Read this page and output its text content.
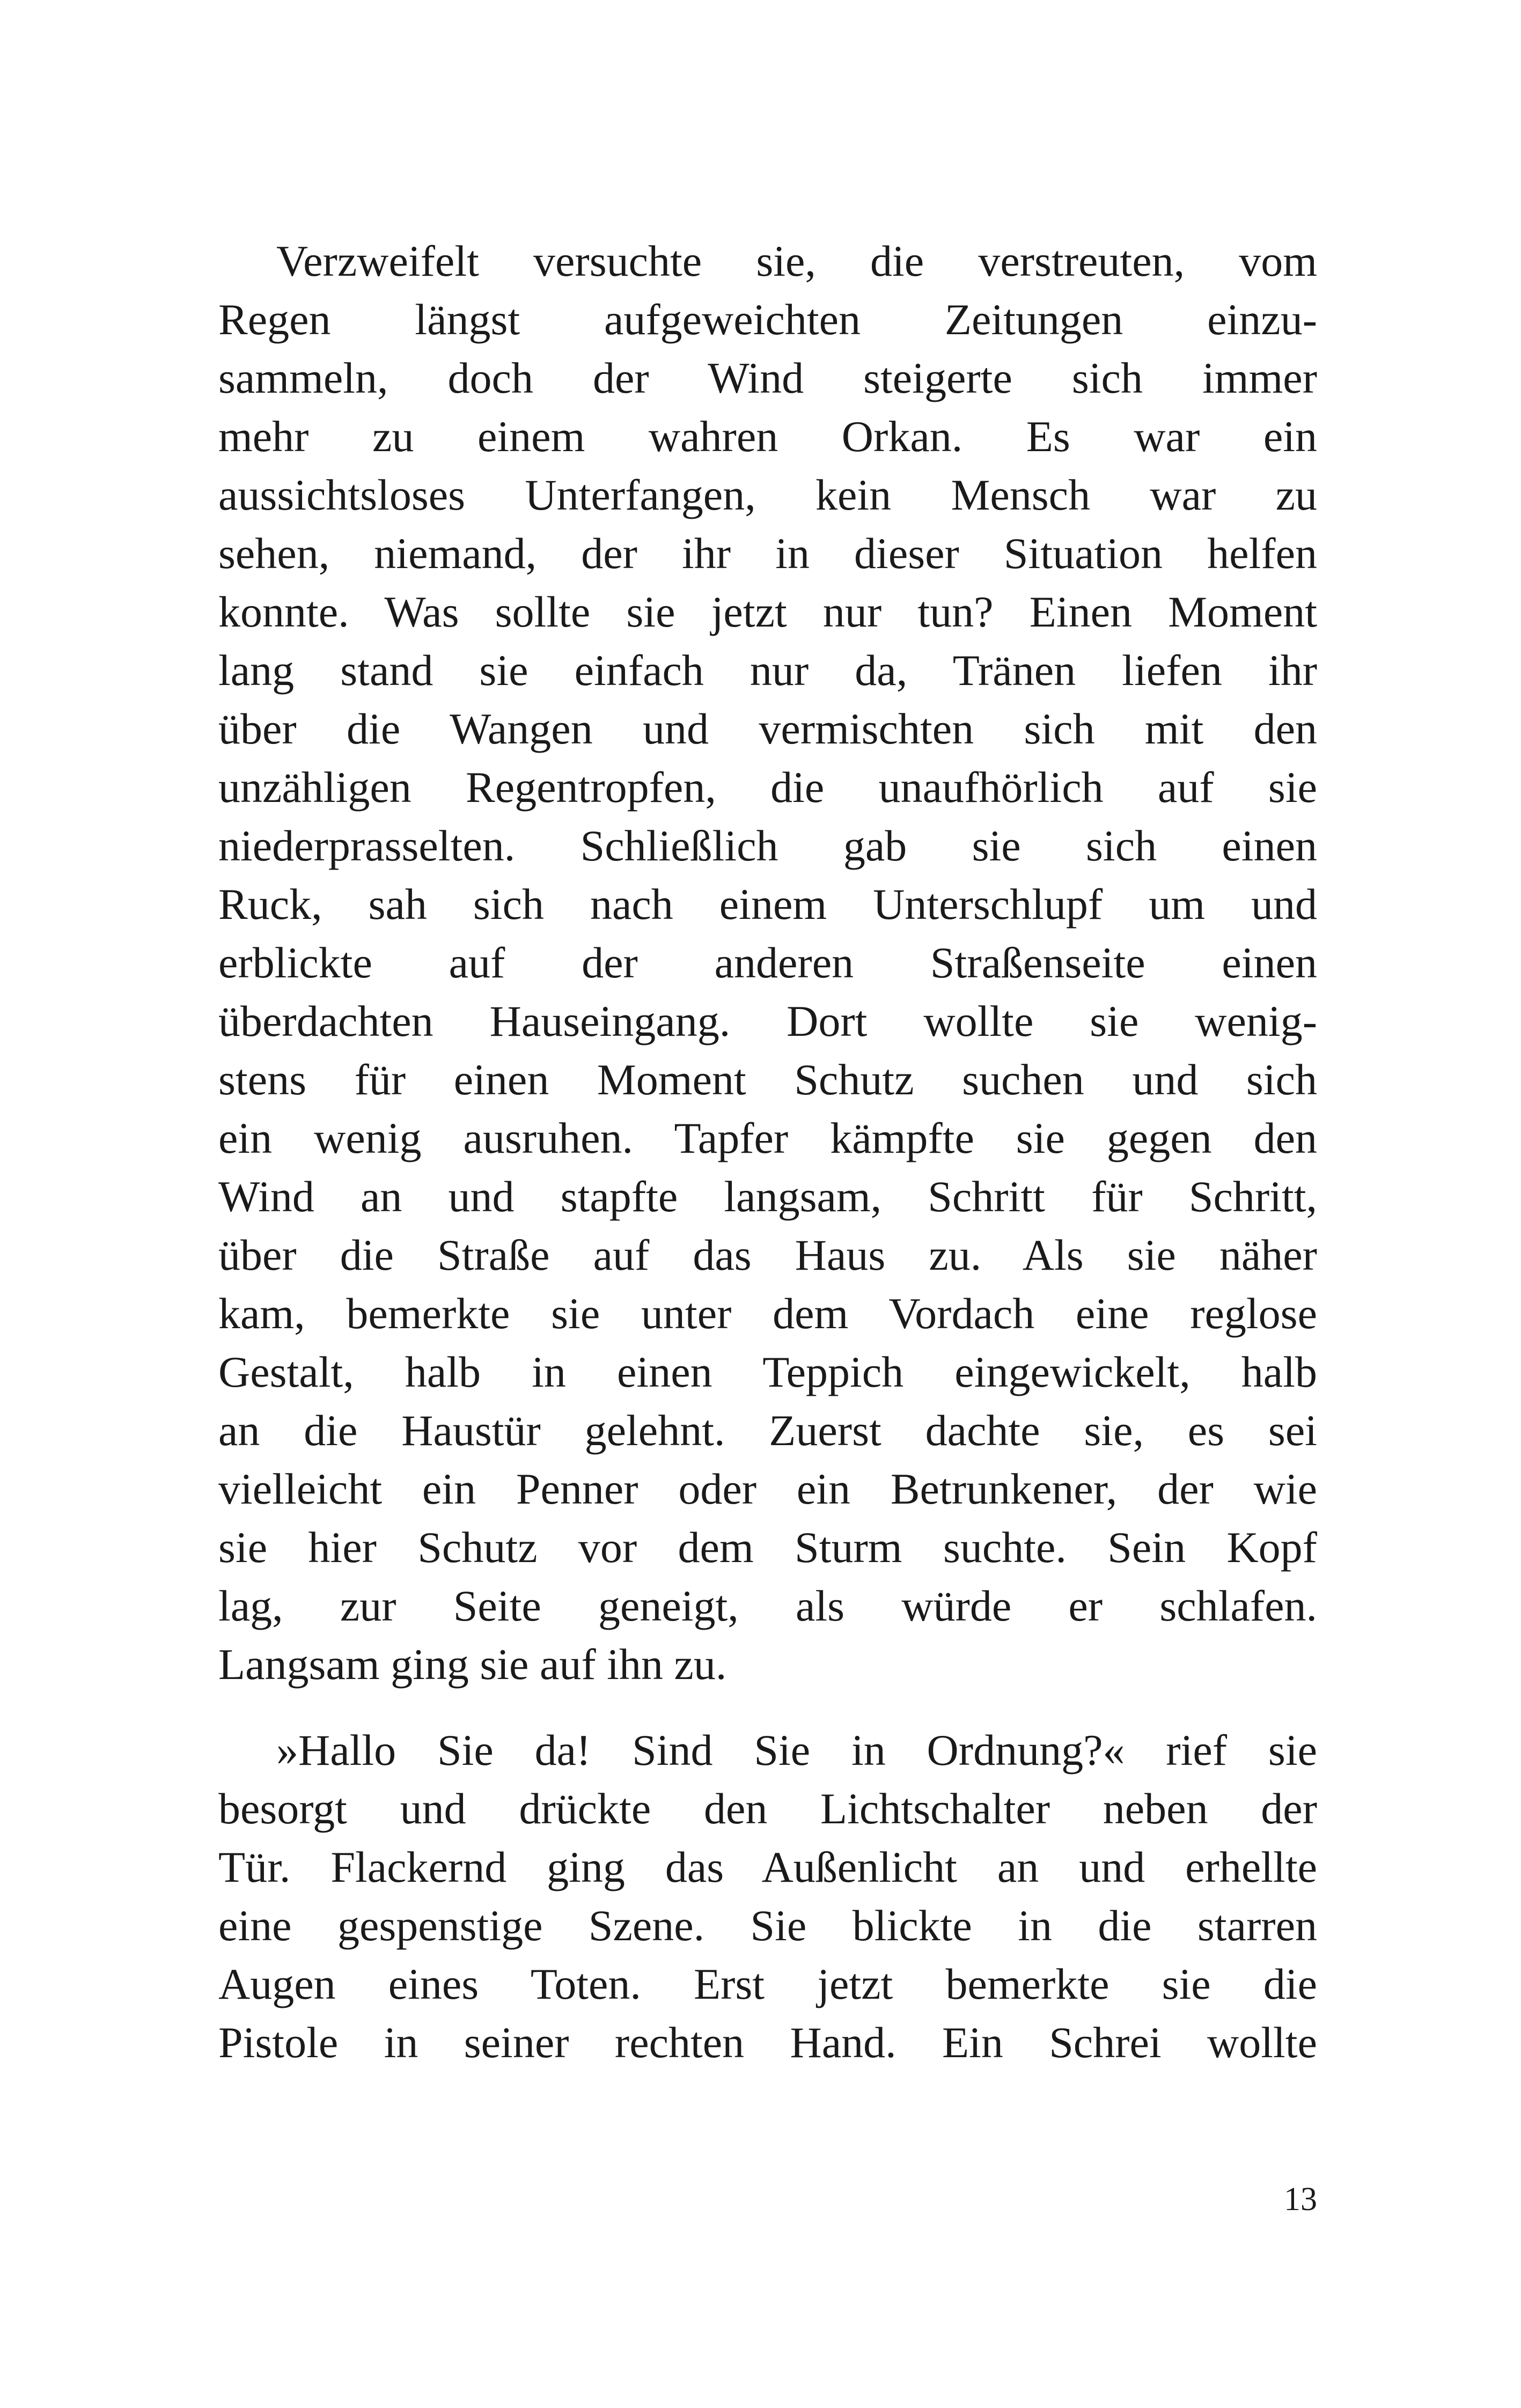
Verzweifelt versuchte sie, die verstreuten, vom
Regen längst aufgeweichten Zeitungen einzu-
sammeln, doch der Wind steigerte sich immer
mehr zu einem wahren Orkan. Es war ein
aussichtsloses Unterfangen, kein Mensch war zu
sehen, niemand, der ihr in dieser Situation helfen
konnte. Was sollte sie jetzt nur tun? Einen Moment
lang stand sie einfach nur da, Tränen liefen ihr
über die Wangen und vermischten sich mit den
unzähligen Regentropfen, die unaufhörlich auf sie
niederprasselten. Schließlich gab sie sich einen
Ruck, sah sich nach einem Unterschlupf um und
erblickte auf der anderen Straßenseite einen
überdachten Hauseingang. Dort wollte sie wenig-
stens für einen Moment Schutz suchen und sich
ein wenig ausruhen. Tapfer kämpfte sie gegen den
Wind an und stapfte langsam, Schritt für Schritt,
über die Straße auf das Haus zu. Als sie näher
kam, bemerkte sie unter dem Vordach eine reglose
Gestalt, halb in einen Teppich eingewickelt, halb
an die Haustür gelehnt. Zuerst dachte sie, es sei
vielleicht ein Penner oder ein Betrunkener, der wie
sie hier Schutz vor dem Sturm suchte. Sein Kopf
lag, zur Seite geneigt, als würde er schlafen.
Langsam ging sie auf ihn zu.
»Hallo Sie da! Sind Sie in Ordnung?« rief sie
besorgt und drückte den Lichtschalter neben der
Tür. Flackernd ging das Außenlicht an und erhellte
eine gespenstige Szene. Sie blickte in die starren
Augen eines Toten. Erst jetzt bemerkte sie die
Pistole in seiner rechten Hand. Ein Schrei wollte
13
